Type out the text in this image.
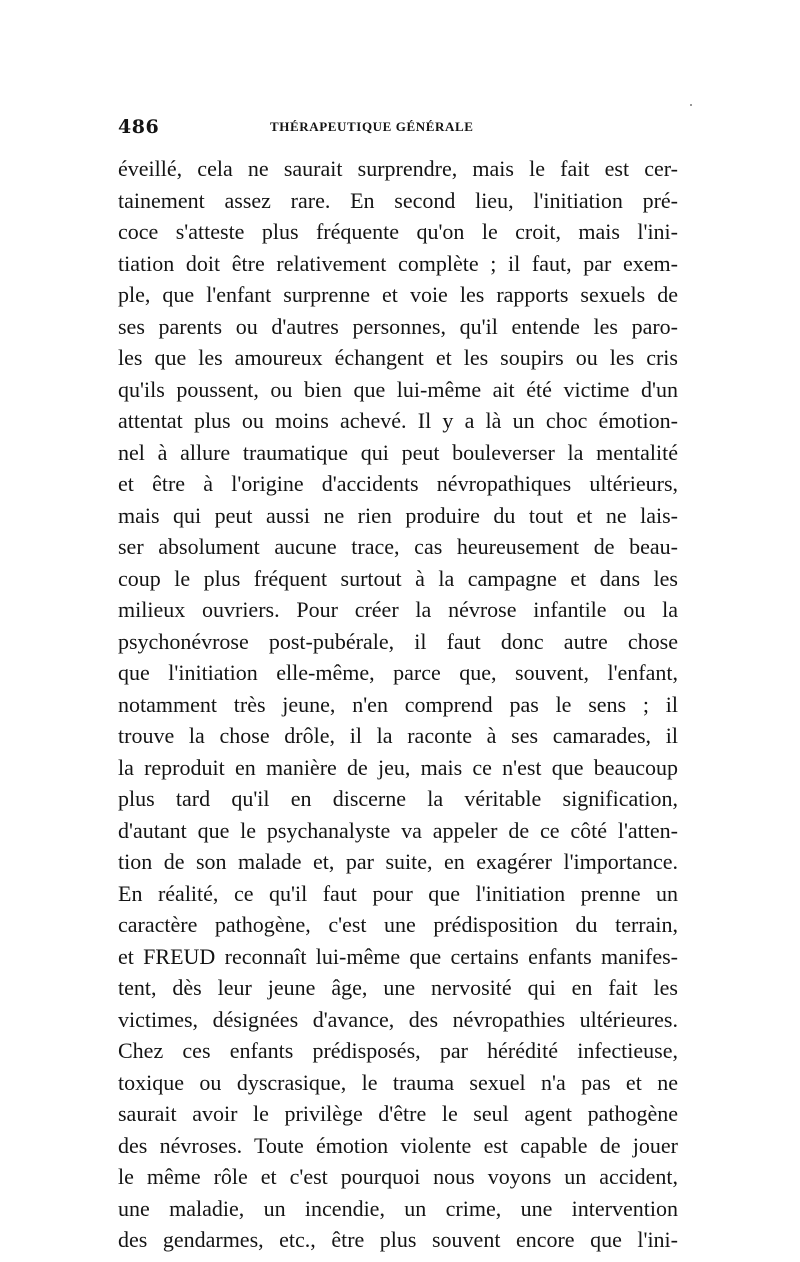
486	THÉRAPEUTIQUE GÉNÉRALE
éveillé, cela ne saurait surprendre, mais le fait est cer-
tainement assez rare. En second lieu, l'initiation pré-
coce s'atteste plus fréquente qu'on le croit, mais l'ini-
tiation doit être relativement complète ; il faut, par exem-
ple, que l'enfant surprenne et voie les rapports sexuels de
ses parents ou d'autres personnes, qu'il entende les paro-
les que les amoureux échangent et les soupirs ou les cris
qu'ils poussent, ou bien que lui-même ait été victime d'un
attentat plus ou moins achevé. Il y a là un choc émotion-
nel à allure traumatique qui peut bouleverser la mentalité
et être à l'origine d'accidents névropathiques ultérieurs,
mais qui peut aussi ne rien produire du tout et ne lais-
ser absolument aucune trace, cas heureusement de beau-
coup le plus fréquent surtout à la campagne et dans les
milieux ouvriers. Pour créer la névrose infantile ou la
psychonévrose post-pubérale, il faut donc autre chose
que l'initiation elle-même, parce que, souvent, l'enfant,
notamment très jeune, n'en comprend pas le sens ; il
trouve la chose drôle, il la raconte à ses camarades, il
la reproduit en manière de jeu, mais ce n'est que beaucoup
plus tard qu'il en discerne la véritable signification,
d'autant que le psychanalyste va appeler de ce côté l'atten-
tion de son malade et, par suite, en exagérer l'importance.
En réalité, ce qu'il faut pour que l'initiation prenne un
caractère pathogène, c'est une prédisposition du terrain,
et FREUD reconnaît lui-même que certains enfants manifes-
tent, dès leur jeune âge, une nervosité qui en fait les
victimes, désignées d'avance, des névropathies ultérieures.
Chez ces enfants prédisposés, par hérédité infectieuse,
toxique ou dyscrasique, le trauma sexuel n'a pas et ne
saurait avoir le privilège d'être le seul agent pathogène
des névroses. Toute émotion violente est capable de jouer
le même rôle et c'est pourquoi nous voyons un accident,
une maladie, un incendie, un crime, une intervention
des gendarmes, etc., être plus souvent encore que l'ini-
